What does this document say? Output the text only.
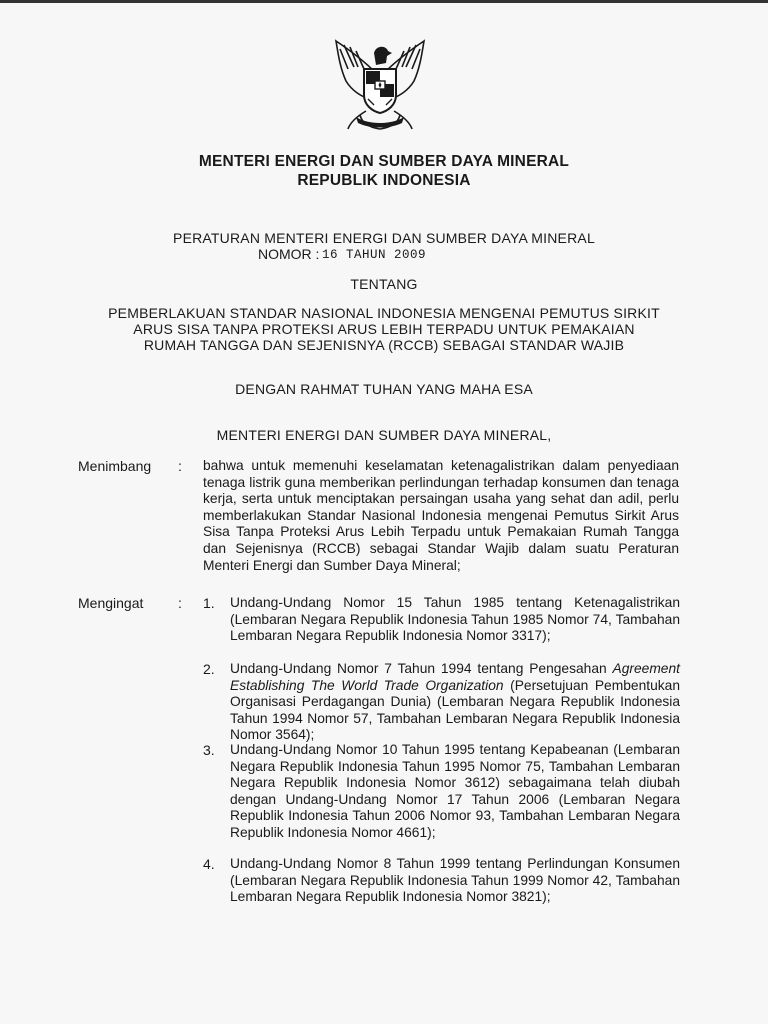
MENTERI ENERGI DAN SUMBER DAYA MINERAL
REPUBLIK INDONESIA
PERATURAN MENTERI ENERGI DAN SUMBER DAYA MINERAL
NOMOR : 16 TAHUN 2009
TENTANG
PEMBERLAKUAN STANDAR NASIONAL INDONESIA MENGENAI PEMUTUS SIRKIT
ARUS SISA TANPA PROTEKSI ARUS LEBIH TERPADU UNTUK PEMAKAIAN
RUMAH TANGGA DAN SEJENISNYA (RCCB) SEBAGAI STANDAR WAJIB
DENGAN RAHMAT TUHAN YANG MAHA ESA
MENTERI ENERGI DAN SUMBER DAYA MINERAL,
Menimbang : bahwa untuk memenuhi keselamatan ketenagalistrikan dalam penyediaan tenaga listrik guna memberikan perlindungan terhadap konsumen dan tenaga kerja, serta untuk menciptakan persaingan usaha yang sehat dan adil, perlu memberlakukan Standar Nasional Indonesia mengenai Pemutus Sirkit Arus Sisa Tanpa Proteksi Arus Lebih Terpadu untuk Pemakaian Rumah Tangga dan Sejenisnya (RCCB) sebagai Standar Wajib dalam suatu Peraturan Menteri Energi dan Sumber Daya Mineral;
Mengingat : 1. Undang-Undang Nomor 15 Tahun 1985 tentang Ketenagalistrikan (Lembaran Negara Republik Indonesia Tahun 1985 Nomor 74, Tambahan Lembaran Negara Republik Indonesia Nomor 3317);
2. Undang-Undang Nomor 7 Tahun 1994 tentang Pengesahan Agreement Establishing The World Trade Organization (Persetujuan Pembentukan Organisasi Perdagangan Dunia) (Lembaran Negara Republik Indonesia Tahun 1994 Nomor 57, Tambahan Lembaran Negara Republik Indonesia Nomor 3564);
3. Undang-Undang Nomor 10 Tahun 1995 tentang Kepabeanan (Lembaran Negara Republik Indonesia Tahun 1995 Nomor 75, Tambahan Lembaran Negara Republik Indonesia Nomor 3612) sebagaimana telah diubah dengan Undang-Undang Nomor 17 Tahun 2006 (Lembaran Negara Republik Indonesia Tahun 2006 Nomor 93, Tambahan Lembaran Negara Republik Indonesia Nomor 4661);
4. Undang-Undang Nomor 8 Tahun 1999 tentang Perlindungan Konsumen (Lembaran Negara Republik Indonesia Tahun 1999 Nomor 42, Tambahan Lembaran Negara Republik Indonesia Nomor 3821);
